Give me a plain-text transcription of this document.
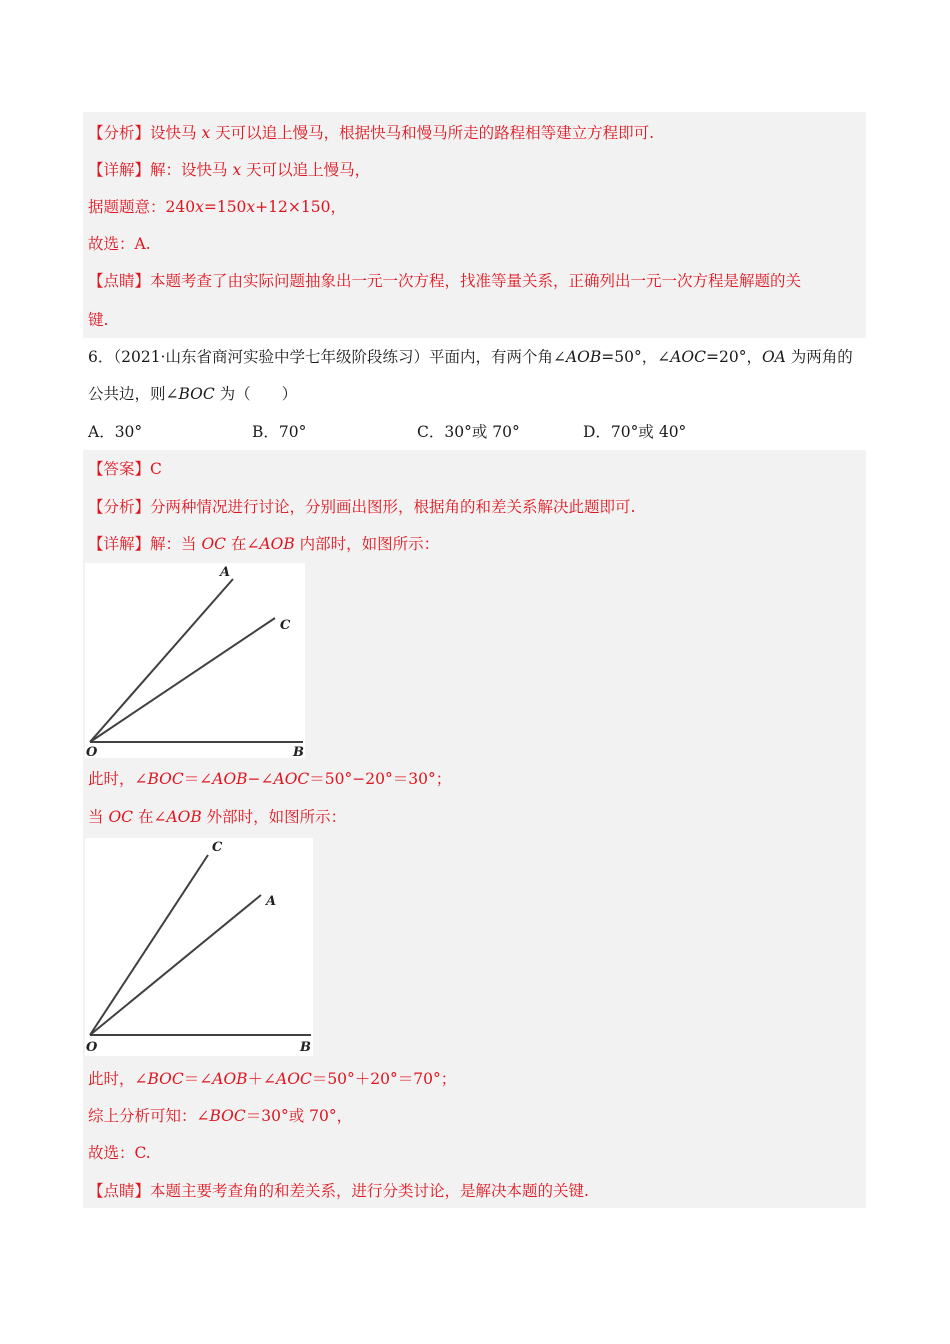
【分析】设快马 x 天可以追上慢马，根据快马和慢马所走的路程相等建立方程即可.
【详解】解：设快马 x 天可以追上慢马，
据题题意：240x=150x+12×150，
故选：A.
【点睛】本题考查了由实际问题抽象出一元一次方程，找准等量关系，正确列出一元一次方程是解题的关
键.
6．（2021·山东省商河实验中学七年级阶段练习）平面内，有两个角∠AOB=50°，∠AOC=20°，OA 为两角的
公共边，则∠BOC 为（　　）
A．30°	B．70°	C．30°或 70°	D．70°或 40°
【答案】C
【分析】分两种情况进行讨论，分别画出图形，根据角的和差关系解决此题即可.
【详解】解：当 OC 在∠AOB 内部时，如图所示：
A
C
O	B
此时，∠BOC＝∠AOB−∠AOC＝50°−20°＝30°；
当 OC 在∠AOB 外部时，如图所示：
C
A
O	B
此时，∠BOC＝∠AOB＋∠AOC＝50°＋20°＝70°；
综上分析可知：∠BOC＝30°或 70°，
故选：C.
【点睛】本题主要考查角的和差关系，进行分类讨论，是解决本题的关键.
